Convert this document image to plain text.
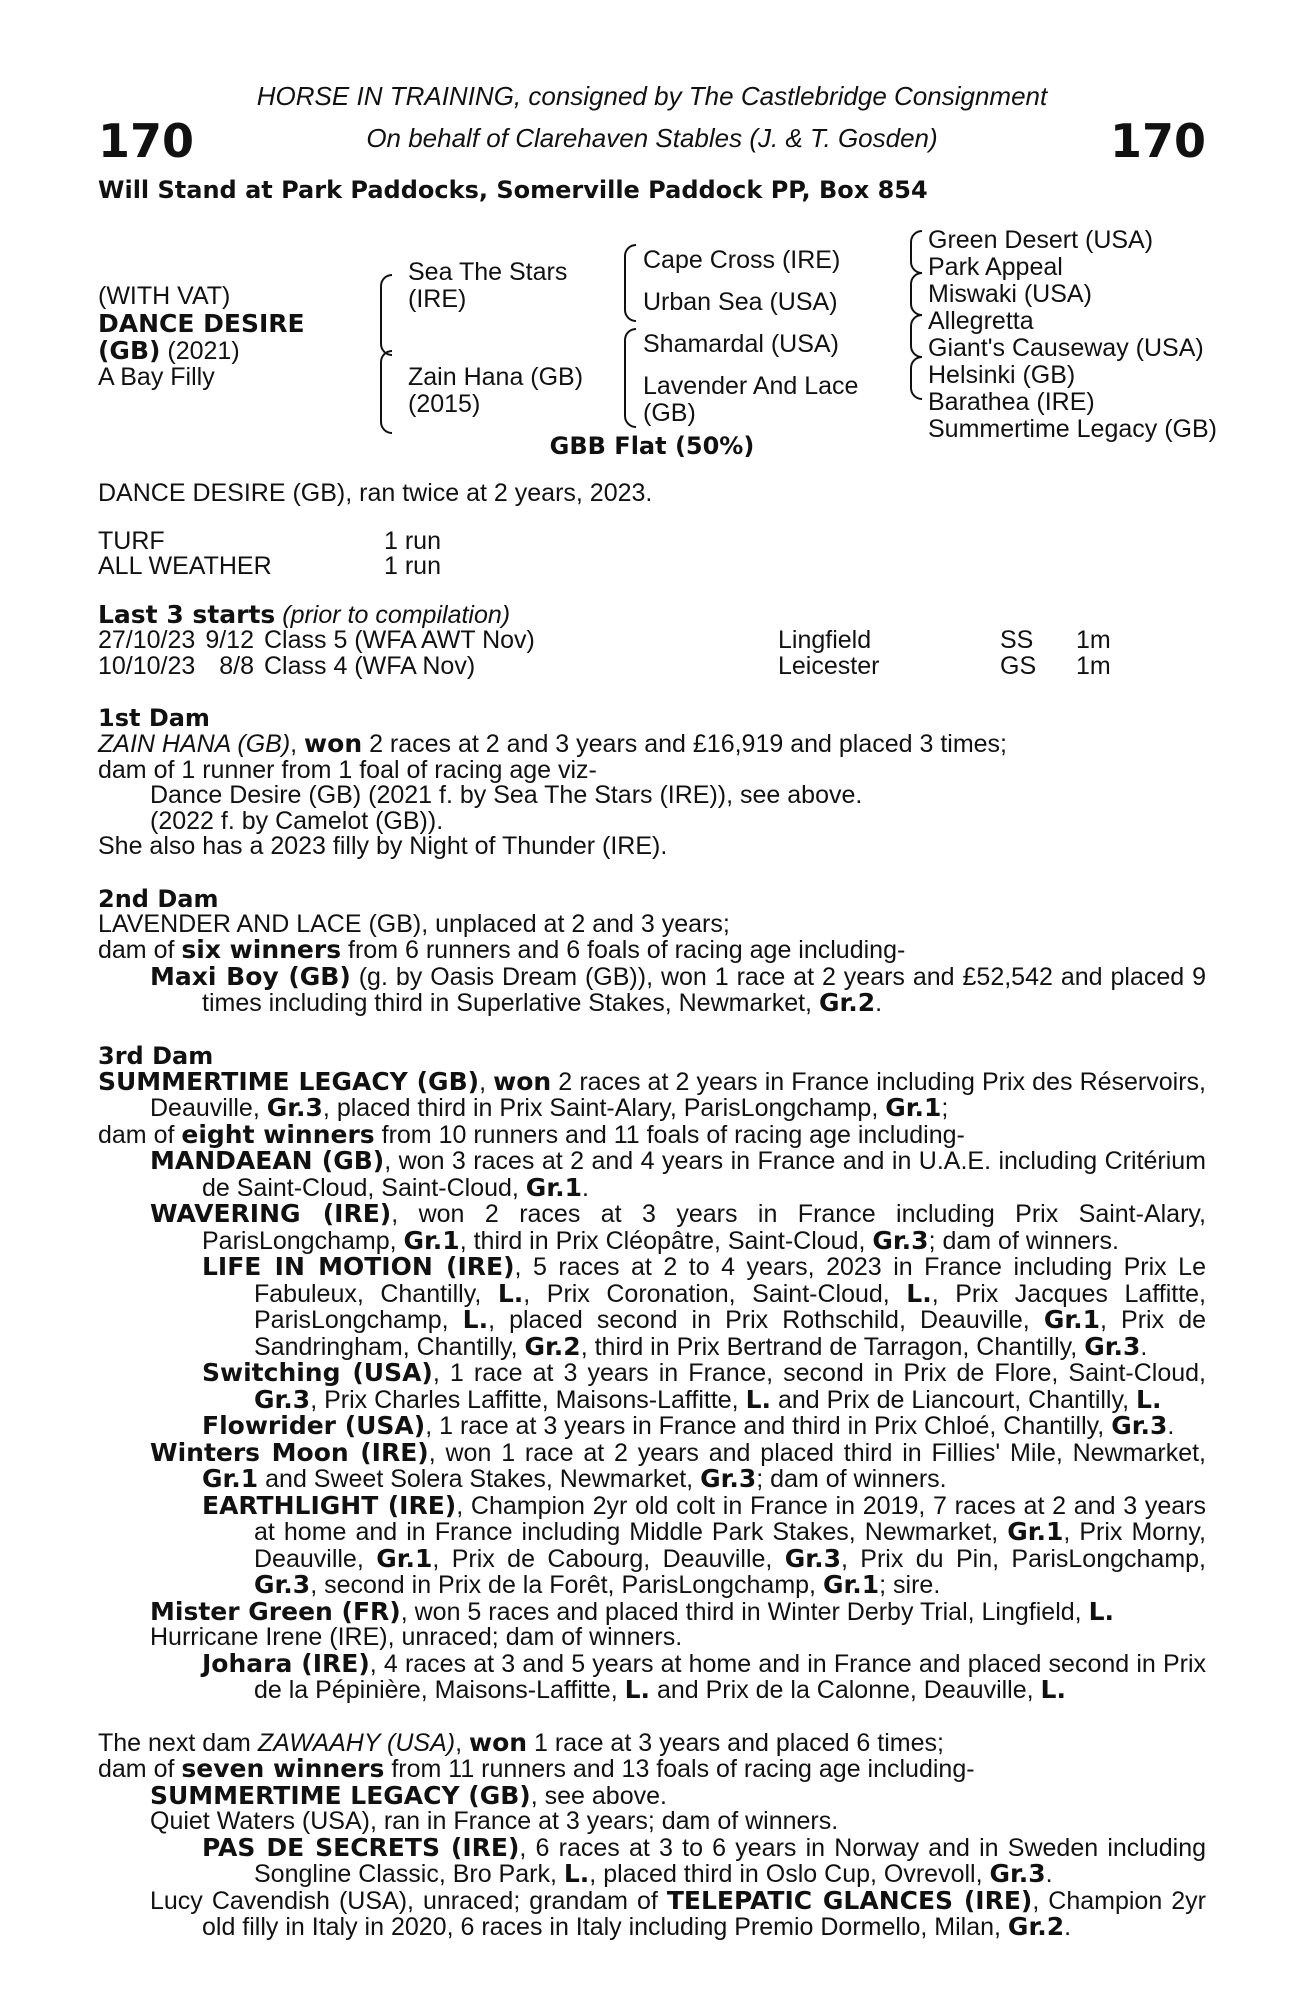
170
HORSE IN TRAINING, consigned by The Castlebridge Consignment
On behalf of Clarehaven Stables (J. & T. Gosden)	170
Will Stand at Park Paddocks, Somerville Paddock PP, Box 854
(WITH VAT)
DANCE DESIRE
(GB) (2021)
A Bay Filly
Sea The Stars
(IRE)
Zain Hana (GB)
(2015)
Cape Cross (IRE)
Urban Sea (USA)
Shamardal (USA)
Lavender And Lace
(GB)
Green Desert (USA)
Park Appeal
Miswaki (USA)
Allegretta
Giant's Causeway (USA)
Helsinki (GB)
Barathea (IRE)
Summertime Legacy (GB)
GBB Flat (50%)
DANCE DESIRE (GB), ran twice at 2 years, 2023.
TURF	1 run
ALL WEATHER	1 run
Last 3 starts (prior to compilation)
27/10/23 9/12 Class 5 (WFA AWT Nov)	Lingfield	SS	1m
10/10/23 8/8 Class 4 (WFA Nov)	Leicester	GS	1m
1st Dam
ZAIN HANA (GB), won 2 races at 2 and 3 years and £16,919 and placed 3 times;
dam of 1 runner from 1 foal of racing age viz-
Dance Desire (GB) (2021 f. by Sea The Stars (IRE)), see above.
(2022 f. by Camelot (GB)).
She also has a 2023 filly by Night of Thunder (IRE).
2nd Dam
LAVENDER AND LACE (GB), unplaced at 2 and 3 years;
dam of six winners from 6 runners and 6 foals of racing age including-
Maxi Boy (GB) (g. by Oasis Dream (GB)), won 1 race at 2 years and £52,542 and placed 9 times including third in Superlative Stakes, Newmarket, Gr.2.
3rd Dam
SUMMERTIME LEGACY (GB), won 2 races at 2 years in France including Prix des Réservoirs, Deauville, Gr.3, placed third in Prix Saint-Alary, ParisLongchamp, Gr.1;
dam of eight winners from 10 runners and 11 foals of racing age including-
MANDAEAN (GB), won 3 races at 2 and 4 years in France and in U.A.E. including Critérium de Saint-Cloud, Saint-Cloud, Gr.1.
WAVERING (IRE), won 2 races at 3 years in France including Prix Saint-Alary, ParisLongchamp, Gr.1, third in Prix Cléopâtre, Saint-Cloud, Gr.3; dam of winners.
LIFE IN MOTION (IRE), 5 races at 2 to 4 years, 2023 in France including Prix Le Fabuleux, Chantilly, L., Prix Coronation, Saint-Cloud, L., Prix Jacques Laffitte, ParisLongchamp, L., placed second in Prix Rothschild, Deauville, Gr.1, Prix de Sandringham, Chantilly, Gr.2, third in Prix Bertrand de Tarragon, Chantilly, Gr.3.
Switching (USA), 1 race at 3 years in France, second in Prix de Flore, Saint-Cloud, Gr.3, Prix Charles Laffitte, Maisons-Laffitte, L. and Prix de Liancourt, Chantilly, L.
Flowrider (USA), 1 race at 3 years in France and third in Prix Chloé, Chantilly, Gr.3.
Winters Moon (IRE), won 1 race at 2 years and placed third in Fillies' Mile, Newmarket, Gr.1 and Sweet Solera Stakes, Newmarket, Gr.3; dam of winners.
EARTHLIGHT (IRE), Champion 2yr old colt in France in 2019, 7 races at 2 and 3 years at home and in France including Middle Park Stakes, Newmarket, Gr.1, Prix Morny, Deauville, Gr.1, Prix de Cabourg, Deauville, Gr.3, Prix du Pin, ParisLongchamp, Gr.3, second in Prix de la Forêt, ParisLongchamp, Gr.1; sire.
Mister Green (FR), won 5 races and placed third in Winter Derby Trial, Lingfield, L.
Hurricane Irene (IRE), unraced; dam of winners.
Johara (IRE), 4 races at 3 and 5 years at home and in France and placed second in Prix de la Pépinière, Maisons-Laffitte, L. and Prix de la Calonne, Deauville, L.
The next dam ZAWAAHY (USA), won 1 race at 3 years and placed 6 times;
dam of seven winners from 11 runners and 13 foals of racing age including-
SUMMERTIME LEGACY (GB), see above.
Quiet Waters (USA), ran in France at 3 years; dam of winners.
PAS DE SECRETS (IRE), 6 races at 3 to 6 years in Norway and in Sweden including Songline Classic, Bro Park, L., placed third in Oslo Cup, Ovrevoll, Gr.3.
Lucy Cavendish (USA), unraced; grandam of TELEPATIC GLANCES (IRE), Champion 2yr old filly in Italy in 2020, 6 races in Italy including Premio Dormello, Milan, Gr.2.
